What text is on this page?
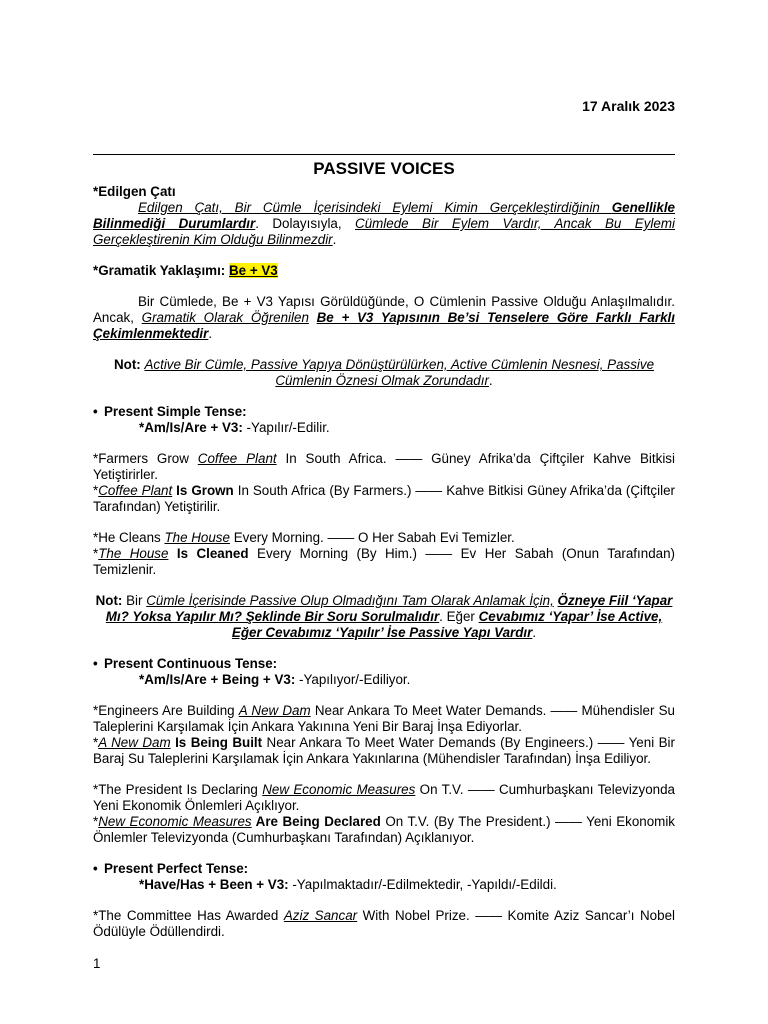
17 Aralık 2023
PASSIVE VOICES

*Edilgen Çatı

Edilgen Çatı, Bir Cümle İçerisindeki Eylemi Kimin Gerçekleştirdiğinin Genellikle Bilinmediği Durumlardır. Dolayısıyla, Cümlede Bir Eylem Vardır, Ancak Bu Eylemi Gerçekleştirenin Kim Olduğu Bilinmezdir.

*Gramatik Yaklaşımı: Be + V3

Bir Cümlede, Be + V3 Yapısı Görüldüğünde, O Cümlenin Passive Olduğu Anlaşılmalıdır. Ancak, Gramatik Olarak Öğrenilen Be + V3 Yapısının Be’si Tenselere Göre Farklı Farklı Çekimlenmektedir.

Not: Active Bir Cümle, Passive Yapıya Dönüştürülürken, Active Cümlenin Nesnesi, Passive Cümlenin Öznesi Olmak Zorundadır.

• Present Simple Tense:

*Am/Is/Are + V3: -Yapılır/-Edilir.

*Farmers Grow Coffee Plant In South Africa. —— Güney Afrika’da Çiftçiler Kahve Bitkisi Yetiştirirler.

*Coffee Plant Is Grown In South Africa (By Farmers.) —— Kahve Bitkisi Güney Afrika’da (Çiftçiler Tarafından) Yetiştirilir.

*He Cleans The House Every Morning. —— O Her Sabah Evi Temizler.

*The House Is Cleaned Every Morning (By Him.) —— Ev Her Sabah (Onun Tarafından) Temizlenir.

Not: Bir Cümle İçerisinde Passive Olup Olmadığını Tam Olarak Anlamak İçin, Özneye Fiil ‘Yapar Mı? Yoksa Yapılır Mı? Şeklinde Bir Soru Sorulmalıdır. Eğer Cevabımız ‘Yapar’ İse Active, Eğer Cevabımız ‘Yapılır’ İse Passive Yapı Vardır.

• Present Continuous Tense:

*Am/Is/Are + Being + V3: -Yapılıyor/-Ediliyor.

*Engineers Are Building A New Dam Near Ankara To Meet Water Demands. —— Mühendisler Su Taleplerini Karşılamak İçin Ankara Yakınına Yeni Bir Baraj İnşa Ediyorlar.

*A New Dam Is Being Built Near Ankara To Meet Water Demands (By Engineers.) —— Yeni Bir Baraj Su Taleplerini Karşılamak İçin Ankara Yakınlarına (Mühendisler Tarafından) İnşa Ediliyor.

*The President Is Declaring New Economic Measures On T.V. —— Cumhurbaşkanı Televizyonda Yeni Ekonomik Önlemleri Açıklıyor.

*New Economic Measures Are Being Declared On T.V. (By The President.) —— Yeni Ekonomik Önlemler Televizyonda (Cumhurbaşkanı Tarafından) Açıklanıyor.

• Present Perfect Tense:

*Have/Has + Been + V3: -Yapılmaktadır/-Edilmektedir, -Yapıldı/-Edildi.

*The Committee Has Awarded Aziz Sancar With Nobel Prize. —— Komite Aziz Sancar’ı Nobel Ödülüyle Ödüllendirdi.

1
